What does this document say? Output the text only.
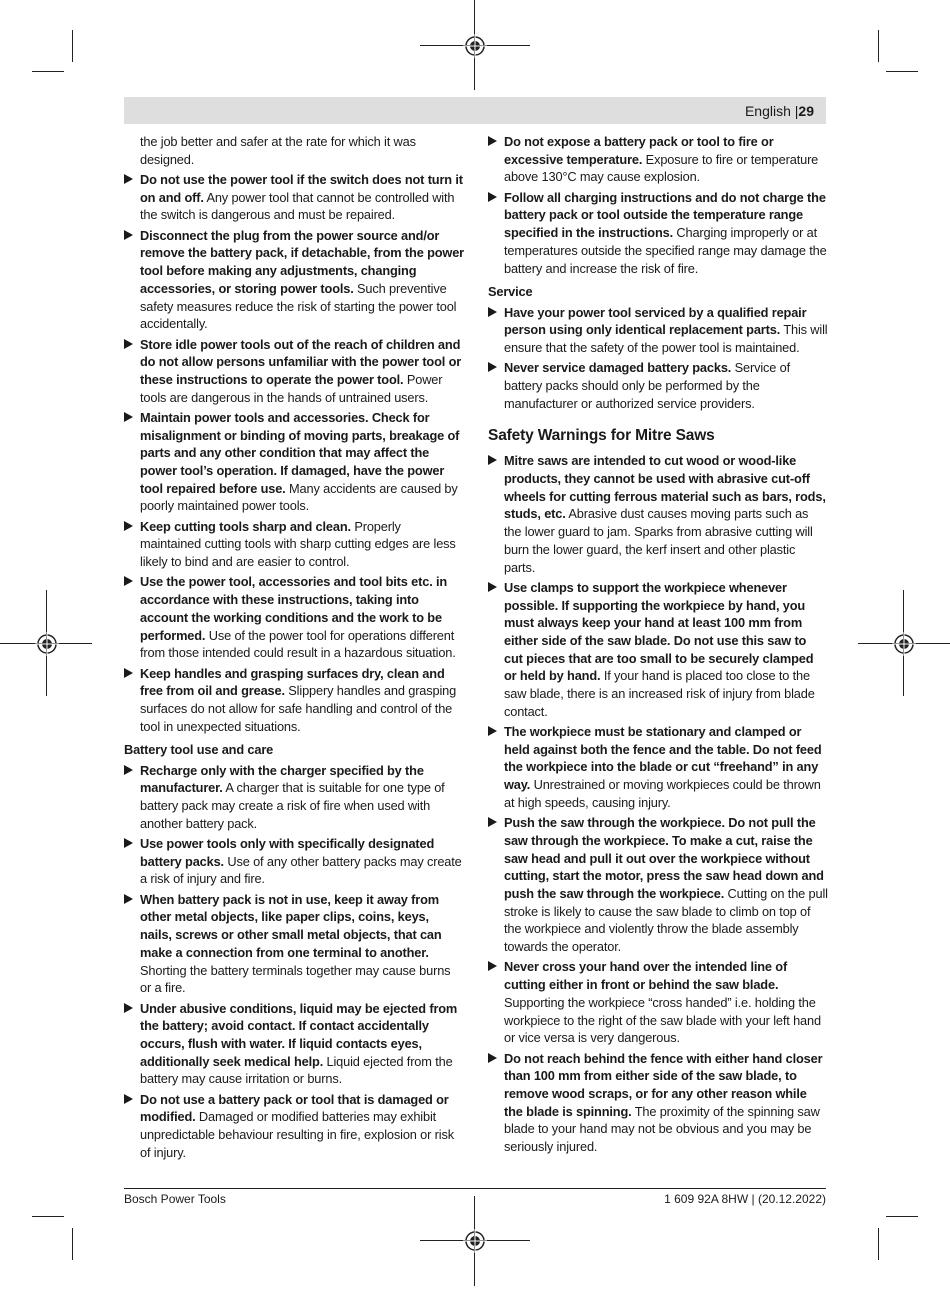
English |29
the job better and safer at the rate for which it was designed.
Do not use the power tool if the switch does not turn it on and off. Any power tool that cannot be controlled with the switch is dangerous and must be repaired.
Disconnect the plug from the power source and/or remove the battery pack, if detachable, from the power tool before making any adjustments, changing accessories, or storing power tools. Such preventive safety measures reduce the risk of starting the power tool accidentally.
Store idle power tools out of the reach of children and do not allow persons unfamiliar with the power tool or these instructions to operate the power tool. Power tools are dangerous in the hands of untrained users.
Maintain power tools and accessories. Check for misalignment or binding of moving parts, breakage of parts and any other condition that may affect the power tool’s operation. If damaged, have the power tool repaired before use. Many accidents are caused by poorly maintained power tools.
Keep cutting tools sharp and clean. Properly maintained cutting tools with sharp cutting edges are less likely to bind and are easier to control.
Use the power tool, accessories and tool bits etc. in accordance with these instructions, taking into account the working conditions and the work to be performed. Use of the power tool for operations different from those intended could result in a hazardous situation.
Keep handles and grasping surfaces dry, clean and free from oil and grease. Slippery handles and grasping surfaces do not allow for safe handling and control of the tool in unexpected situations.
Battery tool use and care
Recharge only with the charger specified by the manufacturer. A charger that is suitable for one type of battery pack may create a risk of fire when used with another battery pack.
Use power tools only with specifically designated battery packs. Use of any other battery packs may create a risk of injury and fire.
When battery pack is not in use, keep it away from other metal objects, like paper clips, coins, keys, nails, screws or other small metal objects, that can make a connection from one terminal to another. Shorting the battery terminals together may cause burns or a fire.
Under abusive conditions, liquid may be ejected from the battery; avoid contact. If contact accidentally occurs, flush with water. If liquid contacts eyes, additionally seek medical help. Liquid ejected from the battery may cause irritation or burns.
Do not use a battery pack or tool that is damaged or modified. Damaged or modified batteries may exhibit unpredictable behaviour resulting in fire, explosion or risk of injury.
Do not expose a battery pack or tool to fire or excessive temperature. Exposure to fire or temperature above 130°C may cause explosion.
Follow all charging instructions and do not charge the battery pack or tool outside the temperature range specified in the instructions. Charging improperly or at temperatures outside the specified range may damage the battery and increase the risk of fire.
Service
Have your power tool serviced by a qualified repair person using only identical replacement parts. This will ensure that the safety of the power tool is maintained.
Never service damaged battery packs. Service of battery packs should only be performed by the manufacturer or authorized service providers.
Safety Warnings for Mitre Saws
Mitre saws are intended to cut wood or wood-like products, they cannot be used with abrasive cut-off wheels for cutting ferrous material such as bars, rods, studs, etc. Abrasive dust causes moving parts such as the lower guard to jam. Sparks from abrasive cutting will burn the lower guard, the kerf insert and other plastic parts.
Use clamps to support the workpiece whenever possible. If supporting the workpiece by hand, you must always keep your hand at least 100 mm from either side of the saw blade. Do not use this saw to cut pieces that are too small to be securely clamped or held by hand. If your hand is placed too close to the saw blade, there is an increased risk of injury from blade contact.
The workpiece must be stationary and clamped or held against both the fence and the table. Do not feed the workpiece into the blade or cut “freehand” in any way. Unrestrained or moving workpieces could be thrown at high speeds, causing injury.
Push the saw through the workpiece. Do not pull the saw through the workpiece. To make a cut, raise the saw head and pull it out over the workpiece without cutting, start the motor, press the saw head down and push the saw through the workpiece. Cutting on the pull stroke is likely to cause the saw blade to climb on top of the workpiece and violently throw the blade assembly towards the operator.
Never cross your hand over the intended line of cutting either in front or behind the saw blade. Supporting the workpiece “cross handed” i.e. holding the workpiece to the right of the saw blade with your left hand or vice versa is very dangerous.
Do not reach behind the fence with either hand closer than 100 mm from either side of the saw blade, to remove wood scraps, or for any other reason while the blade is spinning. The proximity of the spinning saw blade to your hand may not be obvious and you may be seriously injured.
Bosch Power Tools	1 609 92A 8HW | (20.12.2022)
